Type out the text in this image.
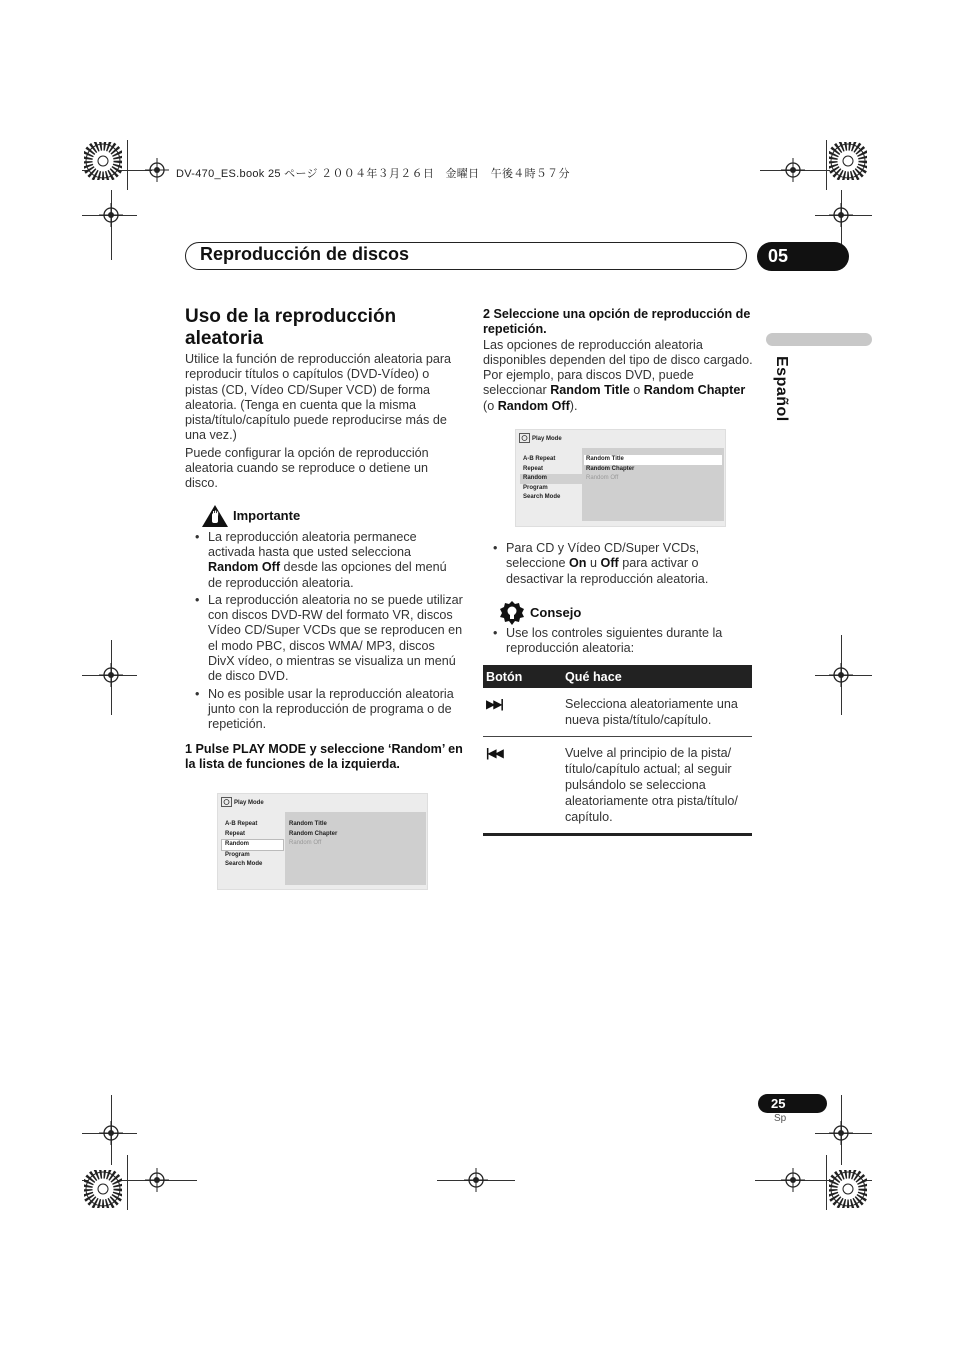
DV-470_ES.book 25 ページ ２００４年３月２６日　金曜日　午後４時５７分
Reproducción de discos	05
Español
Uso de la reproducción aleatoria

Utilice la función de reproducción aleatoria para reproducir títulos o capítulos (DVD-Vídeo) o pistas (CD, Vídeo CD/Super VCD) de forma aleatoria. (Tenga en cuenta que la misma pista/título/capítulo puede reproducirse más de una vez.)

Puede configurar la opción de reproducción aleatoria cuando se reproduce o detiene un disco.

Importante
• La reproducción aleatoria permanece activada hasta que usted selecciona Random Off desde las opciones del menú de reproducción aleatoria.
• La reproducción aleatoria no se puede utilizar con discos DVD-RW del formato VR, discos Vídeo CD/Super VCDs que se reproducen en el modo PBC, discos WMA/ MP3, discos DivX vídeo, o mientras se visualiza un menú de disco DVD.
• No es posible usar la reproducción aleatoria junto con la reproducción de programa o de repetición.

1 Pulse PLAY MODE y seleccione ‘Random’ en la lista de funciones de la izquierda.

Play Mode
A-B Repeat
Repeat
Random
Program
Search Mode
Random Title
Random Chapter
Random Off

2 Seleccione una opción de reproducción de repetición.

Las opciones de reproducción aleatoria disponibles dependen del tipo de disco cargado. Por ejemplo, para discos DVD, puede seleccionar Random Title o Random Chapter (o Random Off).

Play Mode
A-B Repeat
Repeat
Random
Program
Search Mode
Random Title
Random Chapter
Random Off
• Para CD y Vídeo CD/Super VCDs, seleccione On u Off para activar o desactivar la reproducción aleatoria.
Consejo
• Use los controles siguientes durante la reproducción aleatoria:
Botón	Qué hace
▶▶|	Selecciona aleatoriamente una nueva pista/título/capítulo.
|◀◀	Vuelve al principio de la pista/ título/capítulo actual; al seguir pulsándolo se selecciona aleatoriamente otra pista/título/ capítulo.
25
Sp
